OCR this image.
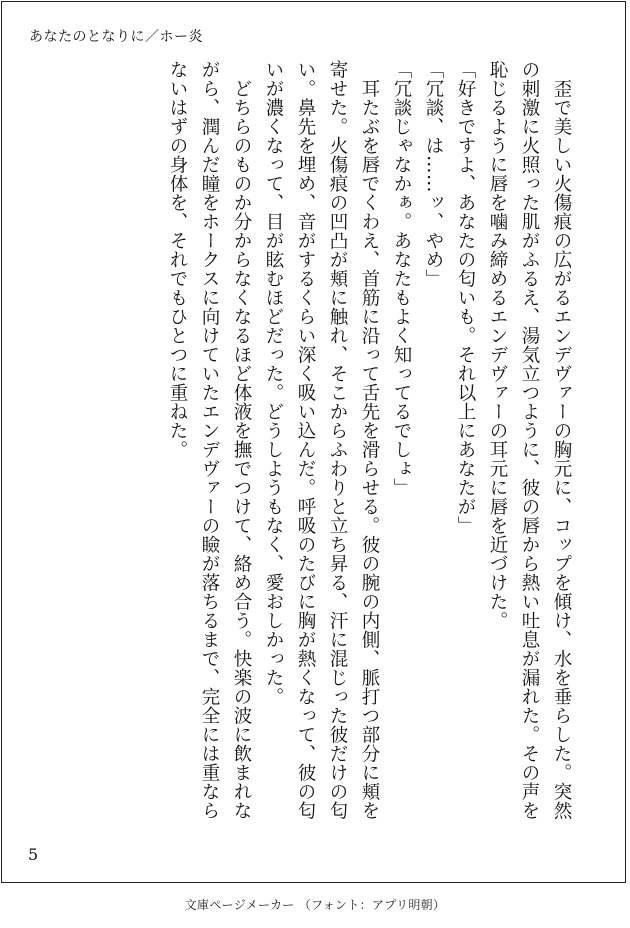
あなたのとなりに／ホー炎

歪で美しい火傷痕の広がるエンデヴァーの胸元に、コップを傾け、水を垂らした。突然の刺激に火照った肌がふるえ、湯気立つように、彼の唇から熱い吐息が漏れた。その声を恥じるように唇を噛み締めるエンデヴァーの耳元に唇を近づけた。

「好きですよ、あなたの匂いも。それ以上にあなたが」

「冗談、は……ッ、やめ」

「冗談じゃなかぁ。あなたもよく知ってるでしょ」

耳たぶを唇でくわえ、首筋に沿って舌先を滑らせる。彼の腕の内側、脈打つ部分に頬を寄せた。火傷痕の凹凸が頬に触れ、そこからふわりと立ち昇る、汗に混じった彼だけの匂い。鼻先を埋め、音がするくらい深く吸い込んだ。呼吸のたびに胸が熱くなって、彼の匂いが濃くなって、目が眩むほどだった。どうしようもなく、愛おしかった。

どちらのものか分からなくなるほど体液を撫でつけて、絡め合う。快楽の波に飲まれながら、潤んだ瞳をホークスに向けていたエンデヴァーの瞼が落ちるまで、完全には重ならないはずの身体を、それでもひとつに重ねた。

5
文庫ページメーカー （フォント：アプリ明朝）
